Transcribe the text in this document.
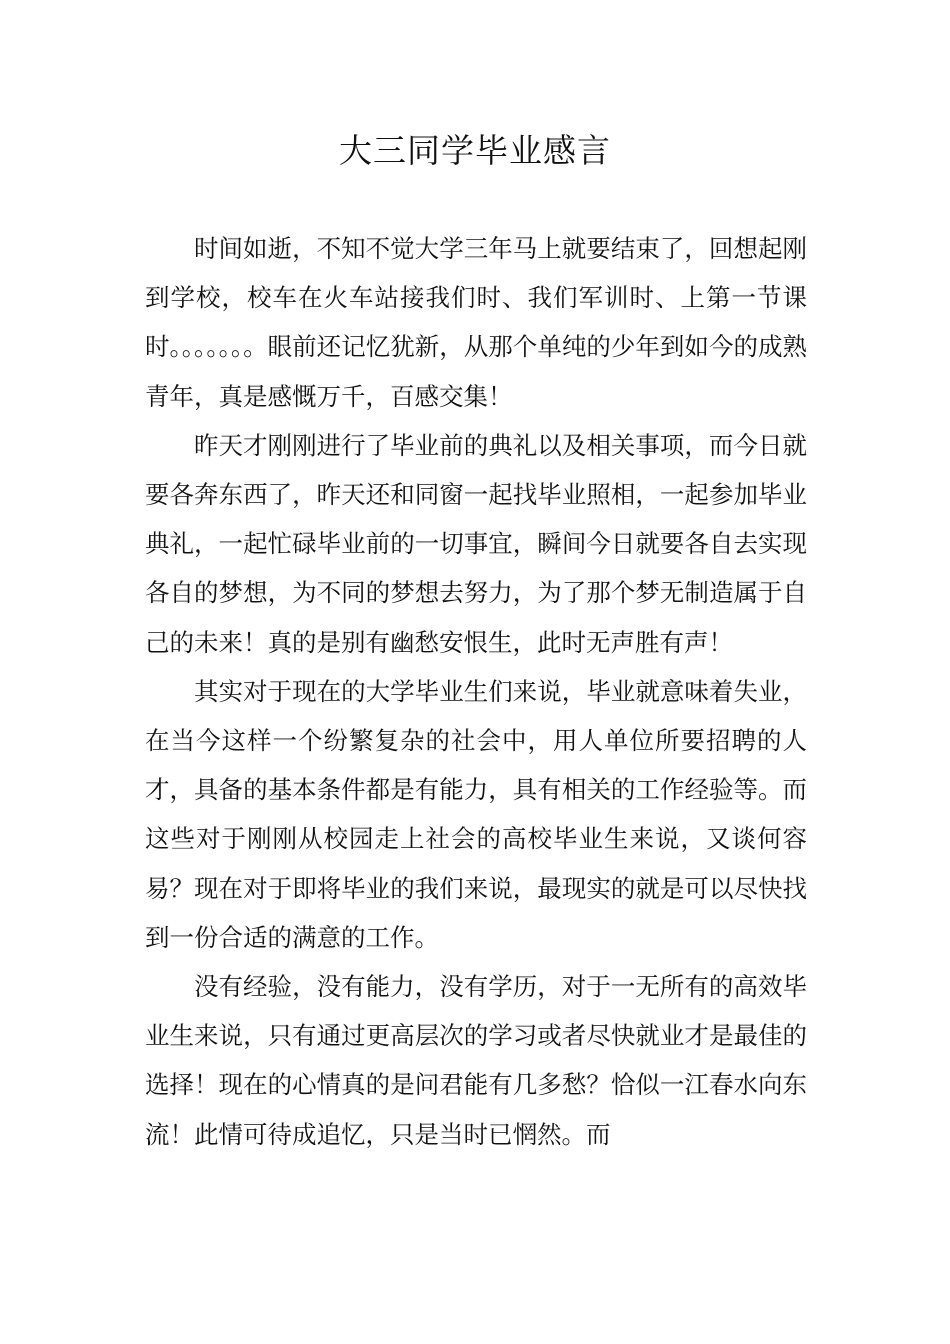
大三同学毕业感言

时间如逝，不知不觉大学三年马上就要结束了，回想起刚到学校，校车在火车站接我们时、我们军训时、上第一节课时。。。。。。。眼前还记忆犹新，从那个单纯的少年到如今的成熟青年，真是感慨万千，百感交集！

昨天才刚刚进行了毕业前的典礼以及相关事项，而今日就要各奔东西了，昨天还和同窗一起找毕业照相，一起参加毕业典礼，一起忙碌毕业前的一切事宜，瞬间今日就要各自去实现各自的梦想，为不同的梦想去努力，为了那个梦无制造属于自己的未来！真的是别有幽愁安恨生，此时无声胜有声！

其实对于现在的大学毕业生们来说，毕业就意味着失业，在当今这样一个纷繁复杂的社会中，用人单位所要招聘的人才，具备的基本条件都是有能力，具有相关的工作经验等。而这些对于刚刚从校园走上社会的高校毕业生来说，又谈何容易？现在对于即将毕业的我们来说，最现实的就是可以尽快找到一份合适的满意的工作。

没有经验，没有能力，没有学历，对于一无所有的高效毕业生来说，只有通过更高层次的学习或者尽快就业才是最佳的选择！现在的心情真的是问君能有几多愁？恰似一江春水向东流！此情可待成追忆，只是当时已惘然。而
